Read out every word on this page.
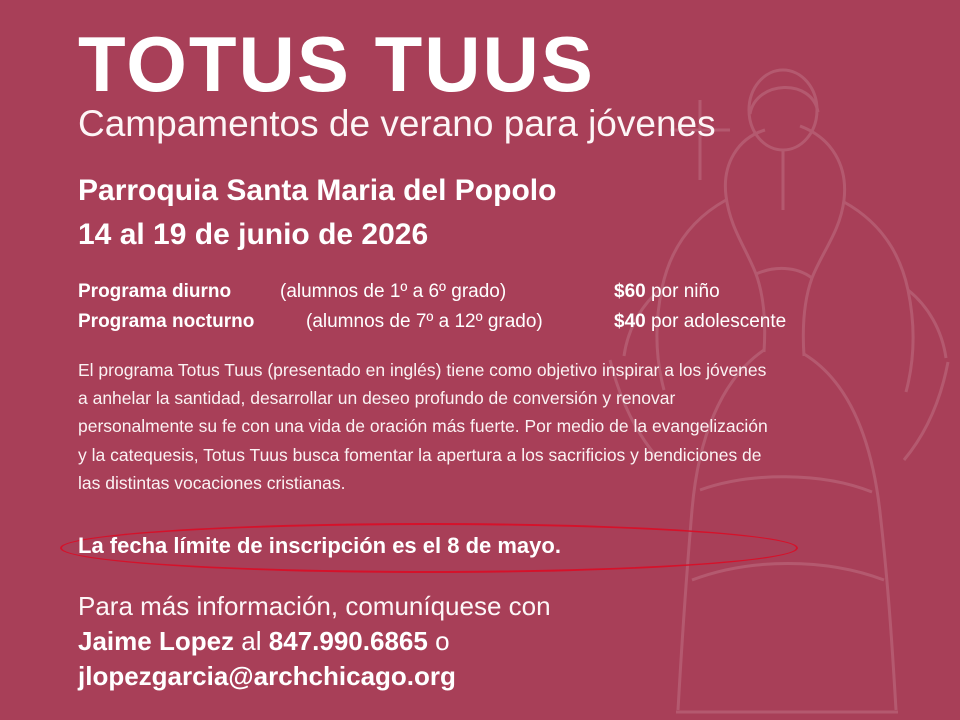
TOTUS TUUS
Campamentos de verano para jóvenes
Parroquia Santa Maria del Popolo
14 al 19 de junio de 2026
Programa diurno	(alumnos de 1º a 6º grado)	$60 por niño
Programa nocturno	(alumnos de 7º a 12º grado)	$40 por adolescente

El programa Totus Tuus (presentado en inglés) tiene como objetivo inspirar a los jóvenes a anhelar la santidad, desarrollar un deseo profundo de conversión y renovar personalmente su fe con una vida de oración más fuerte. Por medio de la evangelización y la catequesis, Totus Tuus busca fomentar la apertura a los sacrificios y bendiciones de las distintas vocaciones cristianas.

La fecha límite de inscripción es el 8 de mayo.
Para más información, comuníquese con
Jaime Lopez al 847.990.6865 o
jlopezgarcia@archchicago.org
